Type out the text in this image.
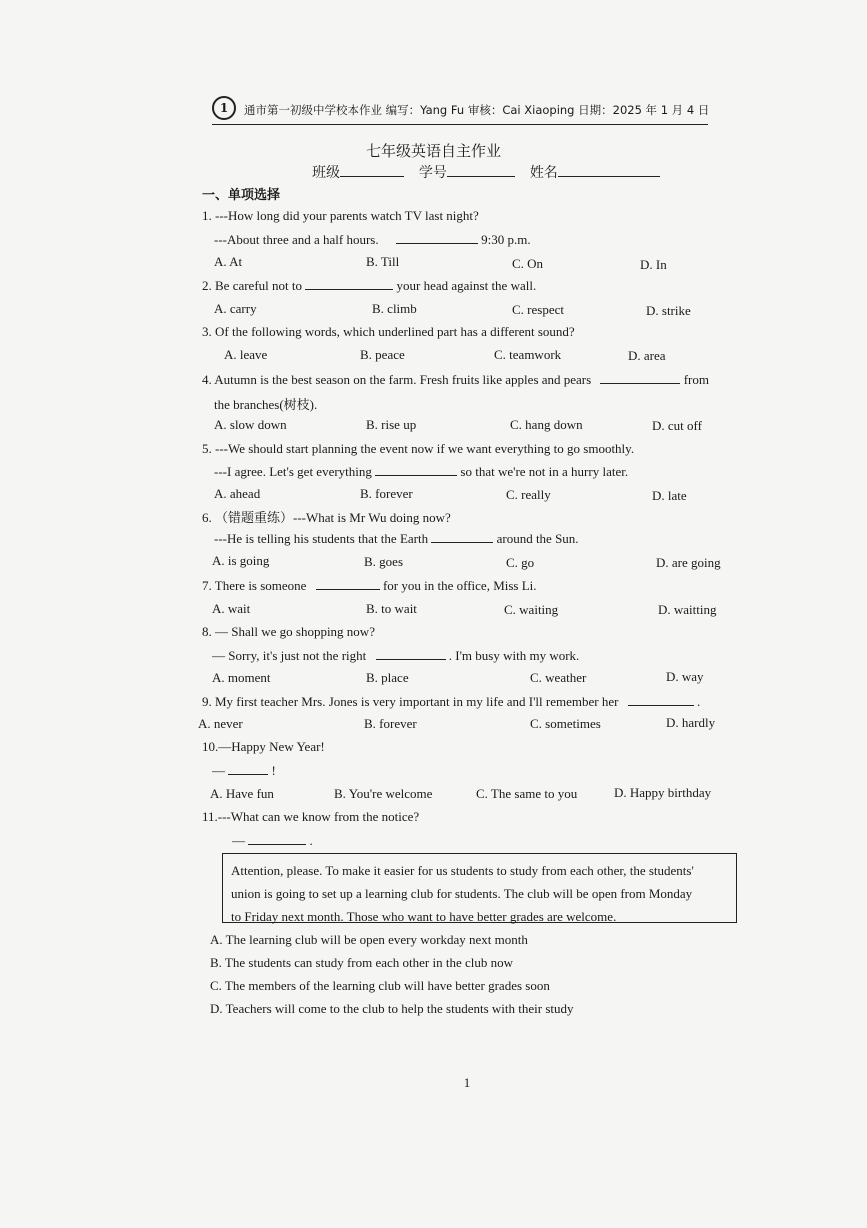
1	通市第一初级中学校本作业 编写：Yang Fu 审核：Cai Xiaoping 日期：2025 年 1 月 4 日
七年级英语自主作业
班级	学号	姓名
一、单项选择
1. ---How long did your parents watch TV last night?
---About three and a half hours.	9:30 p.m.
A. At	B. Till	C. On	D. In
2. Be careful not to	your head against the wall.
A. carry	B. climb	C. respect	D. strike
3. Of the following words, which underlined part has a different sound?
A. leave	B. peace	C. teamwork	D. area
4. Autumn is the best season on the farm. Fresh fruits like apples and pears	from
the branches(树枝).
A. slow down	B. rise up	C. hang down	D. cut off
5. ---We should start planning the event now if we want everything to go smoothly.
---I agree. Let's get everything	so that we're not in a hurry later.
A. ahead	B. forever	C. really	D. late
6. （错题重练）---What is Mr Wu doing now?
---He is telling his students that the Earth	around the Sun.
A. is going	B. goes	C. go	D. are going
7. There is someone	for you in the office, Miss Li.
A. wait	B. to wait	C. waiting	D. waitting
8. — Shall we go shopping now?
— Sorry, it's just not the right	. I'm busy with my work.
A. moment	B. place	C. weather	D. way
9. My first teacher Mrs. Jones is very important in my life and I'll remember her	.
A. never	B. forever	C. sometimes	D. hardly
10.—Happy New Year!
—	!
A. Have fun	B. You're welcome	C. The same to you	D. Happy birthday
11.---What can we know from the notice?
—	.
Attention, please. To make it easier for us students to study from each other, the students'
union is going to set up a learning club for students. The club will be open from Monday
to Friday next month. Those who want to have better grades are welcome.
A. The learning club will be open every workday next month
B. The students can study from each other in the club now
C. The members of the learning club will have better grades soon
D. Teachers will come to the club to help the students with their study
1
